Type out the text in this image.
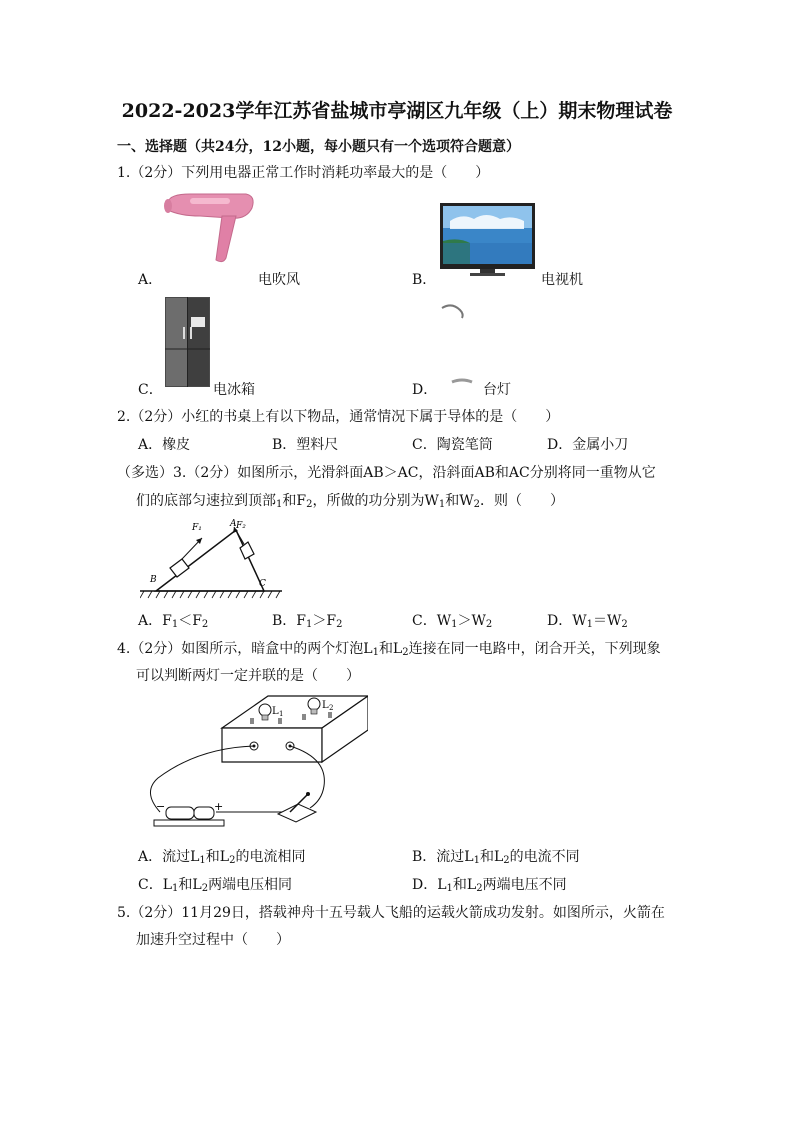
2022-2023学年江苏省盐城市亭湖区九年级（上）期末物理试卷
一、选择题（共24分，12小题，每小题只有一个选项符合题意）
1.（2分）下列用电器正常工作时消耗功率最大的是（　　）
A．	电吹风	B．	电视机
C．	电冰箱	D．	台灯
2.（2分）小红的书桌上有以下物品，通常情况下属于导体的是（　　）
A．橡皮	B．塑料尺	C．陶瓷笔筒	D．金属小刀
（多选）3.（2分）如图所示，光滑斜面AB＞AC，沿斜面AB和AC分别将同一重物从它
们的底部匀速拉到顶部$_1$和$F_2$，所做的功分别为$W_1$和$W_2$．则（　　）
F₁	F₂
A
B	C
A．$F_1<F_2$	B．$F_1>F_2$	C．$W_1>W_2$	D．$W_1=W_2$
4.（2分）如图所示，暗盒中的两个灯泡$L_1$和$L_2$连接在同一电路中，闭合开关，下列现象
可以判断两灯一定并联的是（　　）
L 1
L 2
−	+
A．流过$L_1$和$L_2$的电流相同	B．流过$L_1$和$L_2$的电流不同
C．$L_1$和$L_2$两端电压相同	D．$L_1$和$L_2$两端电压不同
5.（2分）11月29日，搭载神舟十五号载人飞船的运载火箭成功发射。如图所示，火箭在
加速升空过程中（　　）
